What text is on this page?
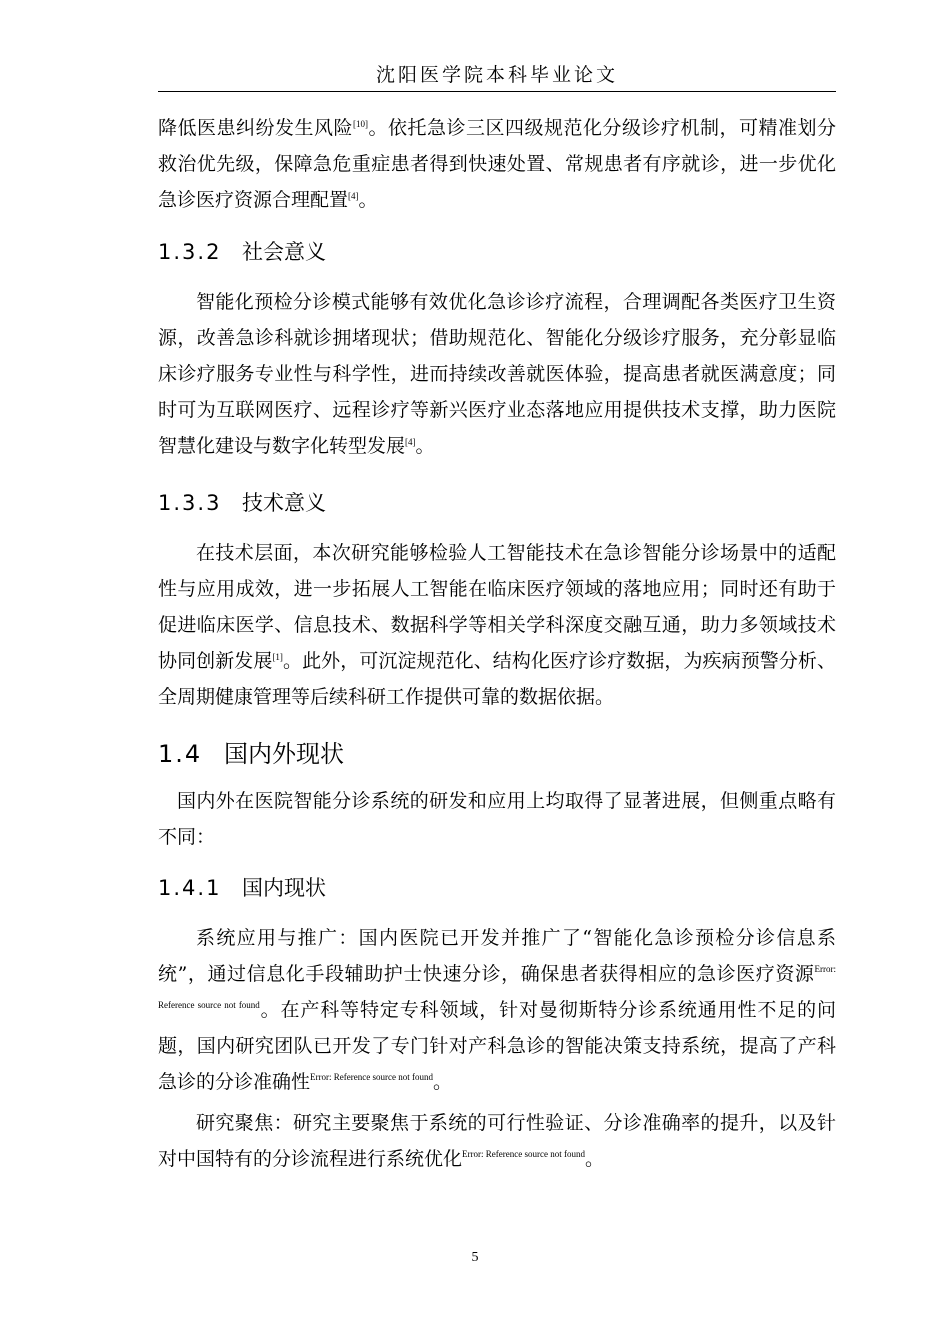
沈阳医学院本科毕业论文

降低医患纠纷发生风险[10]。依托急诊三区四级规范化分级诊疗机制，可精准划分救治优先级，保障急危重症患者得到快速处置、常规患者有序就诊，进一步优化急诊医疗资源合理配置[4]。

1.3.2 社会意义

智能化预检分诊模式能够有效优化急诊诊疗流程，合理调配各类医疗卫生资源，改善急诊科就诊拥堵现状；借助规范化、智能化分级诊疗服务，充分彰显临床诊疗服务专业性与科学性，进而持续改善就医体验，提高患者就医满意度；同时可为互联网医疗、远程诊疗等新兴医疗业态落地应用提供技术支撑，助力医院智慧化建设与数字化转型发展[4]。

1.3.3 技术意义

在技术层面，本次研究能够检验人工智能技术在急诊智能分诊场景中的适配性与应用成效，进一步拓展人工智能在临床医疗领域的落地应用；同时还有助于促进临床医学、信息技术、数据科学等相关学科深度交融互通，助力多领域技术协同创新发展[1]。此外，可沉淀规范化、结构化医疗诊疗数据，为疾病预警分析、全周期健康管理等后续科研工作提供可靠的数据依据。

1.4 国内外现状

国内外在医院智能分诊系统的研发和应用上均取得了显著进展，但侧重点略有不同：

1.4.1 国内现状

系统应用与推广：国内医院已开发并推广了“智能化急诊预检分诊信息系统”，通过信息化手段辅助护士快速分诊，确保患者获得相应的急诊医疗资源$^{Error: Reference source not found}$。在产科等特定专科领域，针对曼彻斯特分诊系统通用性不足的问题，国内研究团队已开发了专门针对产科急诊的智能决策支持系统，提高了产科急诊的分诊准确性$^{Error: Reference source not found}$。

研究聚焦：研究主要聚焦于系统的可行性验证、分诊准确率的提升，以及针对中国特有的分诊流程进行系统优化$^{Error: Reference source not found}$。

5
